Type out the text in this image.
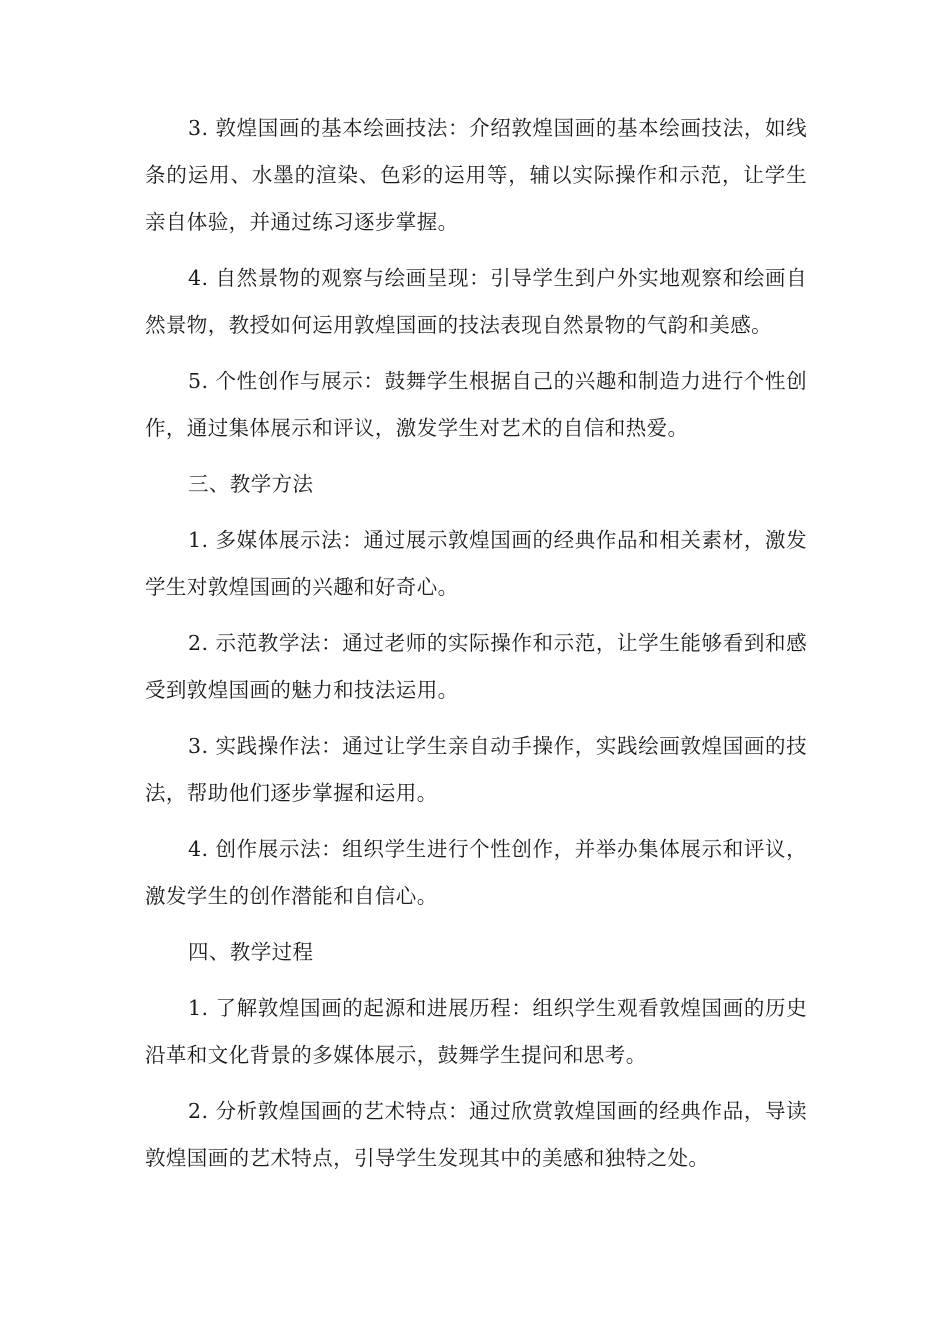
3. 敦煌国画的基本绘画技法：介绍敦煌国画的基本绘画技法，如线条的运用、水墨的渲染、色彩的运用等，辅以实际操作和示范，让学生亲自体验，并通过练习逐步掌握。

4. 自然景物的观察与绘画呈现：引导学生到户外实地观察和绘画自然景物，教授如何运用敦煌国画的技法表现自然景物的气韵和美感。

5. 个性创作与展示：鼓舞学生根据自己的兴趣和制造力进行个性创作，通过集体展示和评议，激发学生对艺术的自信和热爱。

三、教学方法

1. 多媒体展示法：通过展示敦煌国画的经典作品和相关素材，激发学生对敦煌国画的兴趣和好奇心。

2. 示范教学法：通过老师的实际操作和示范，让学生能够看到和感受到敦煌国画的魅力和技法运用。

3. 实践操作法：通过让学生亲自动手操作，实践绘画敦煌国画的技法，帮助他们逐步掌握和运用。

4. 创作展示法：组织学生进行个性创作，并举办集体展示和评议，激发学生的创作潜能和自信心。

四、教学过程

1. 了解敦煌国画的起源和进展历程：组织学生观看敦煌国画的历史沿革和文化背景的多媒体展示，鼓舞学生提问和思考。

2. 分析敦煌国画的艺术特点：通过欣赏敦煌国画的经典作品，导读敦煌国画的艺术特点，引导学生发现其中的美感和独特之处。
